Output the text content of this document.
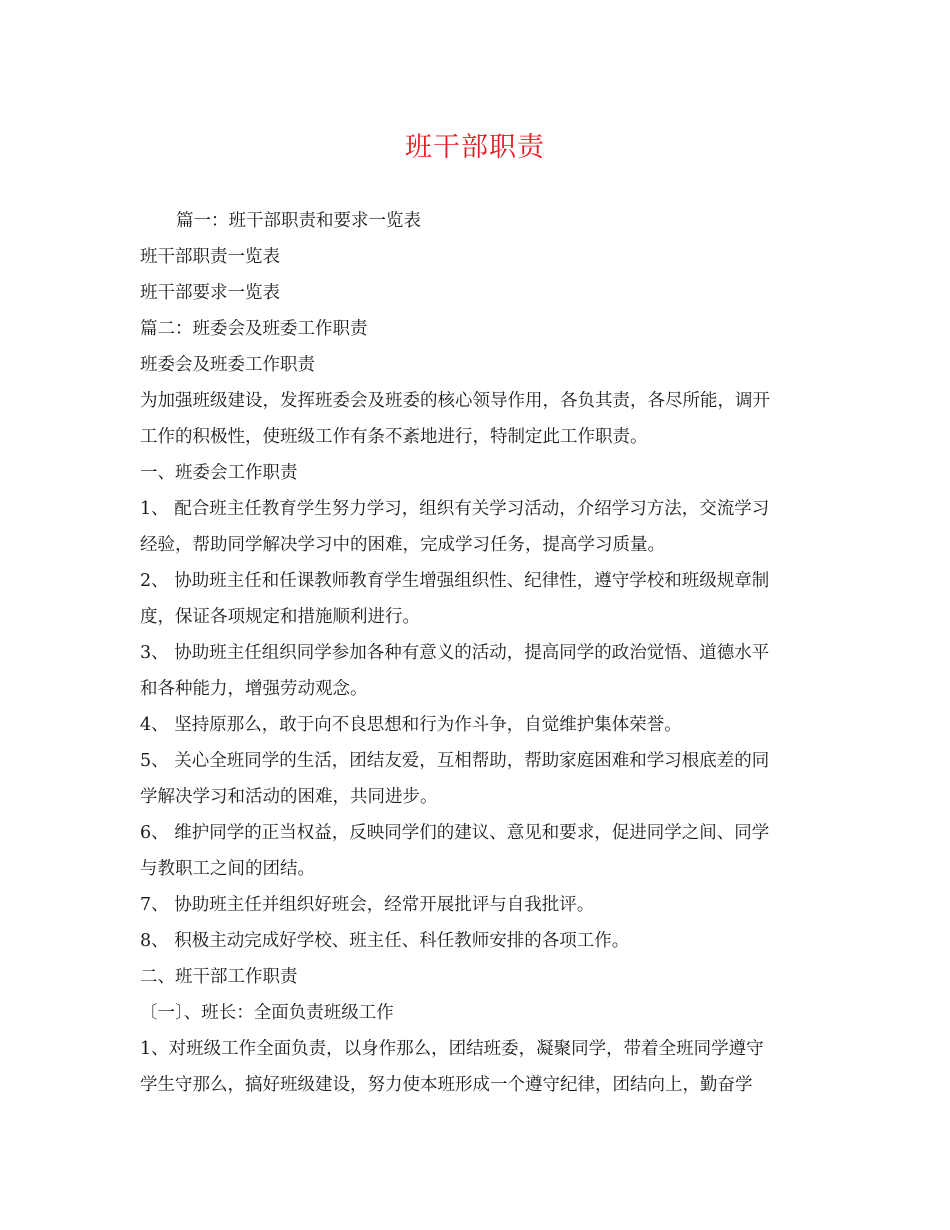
班干部职责
篇一：班干部职责和要求一览表
班干部职责一览表
班干部要求一览表
篇二：班委会及班委工作职责
班委会及班委工作职责
为加强班级建设，发挥班委会及班委的核心领导作用，各负其责，各尽所能，调开
工作的积极性，使班级工作有条不紊地进行，特制定此工作职责。
一、班委会工作职责
1、 配合班主任教育学生努力学习，组织有关学习活动，介绍学习方法，交流学习
经验，帮助同学解决学习中的困难，完成学习任务，提高学习质量。
2、 协助班主任和任课教师教育学生增强组织性、纪律性，遵守学校和班级规章制
度，保证各项规定和措施顺利进行。
3、 协助班主任组织同学参加各种有意义的活动，提高同学的政治觉悟、道德水平
和各种能力，增强劳动观念。
4、 坚持原那么，敢于向不良思想和行为作斗争，自觉维护集体荣誉。
5、 关心全班同学的生活，团结友爱，互相帮助，帮助家庭困难和学习根底差的同
学解决学习和活动的困难，共同进步。
6、 维护同学的正当权益，反映同学们的建议、意见和要求，促进同学之间、同学
与教职工之间的团结。
7、 协助班主任并组织好班会，经常开展批评与自我批评。
8、 积极主动完成好学校、班主任、科任教师安排的各项工作。
二、班干部工作职责
〔一〕、班长：全面负责班级工作
1、对班级工作全面负责，以身作那么，团结班委，凝聚同学，带着全班同学遵守
学生守那么，搞好班级建设，努力使本班形成一个遵守纪律，团结向上，勤奋学
